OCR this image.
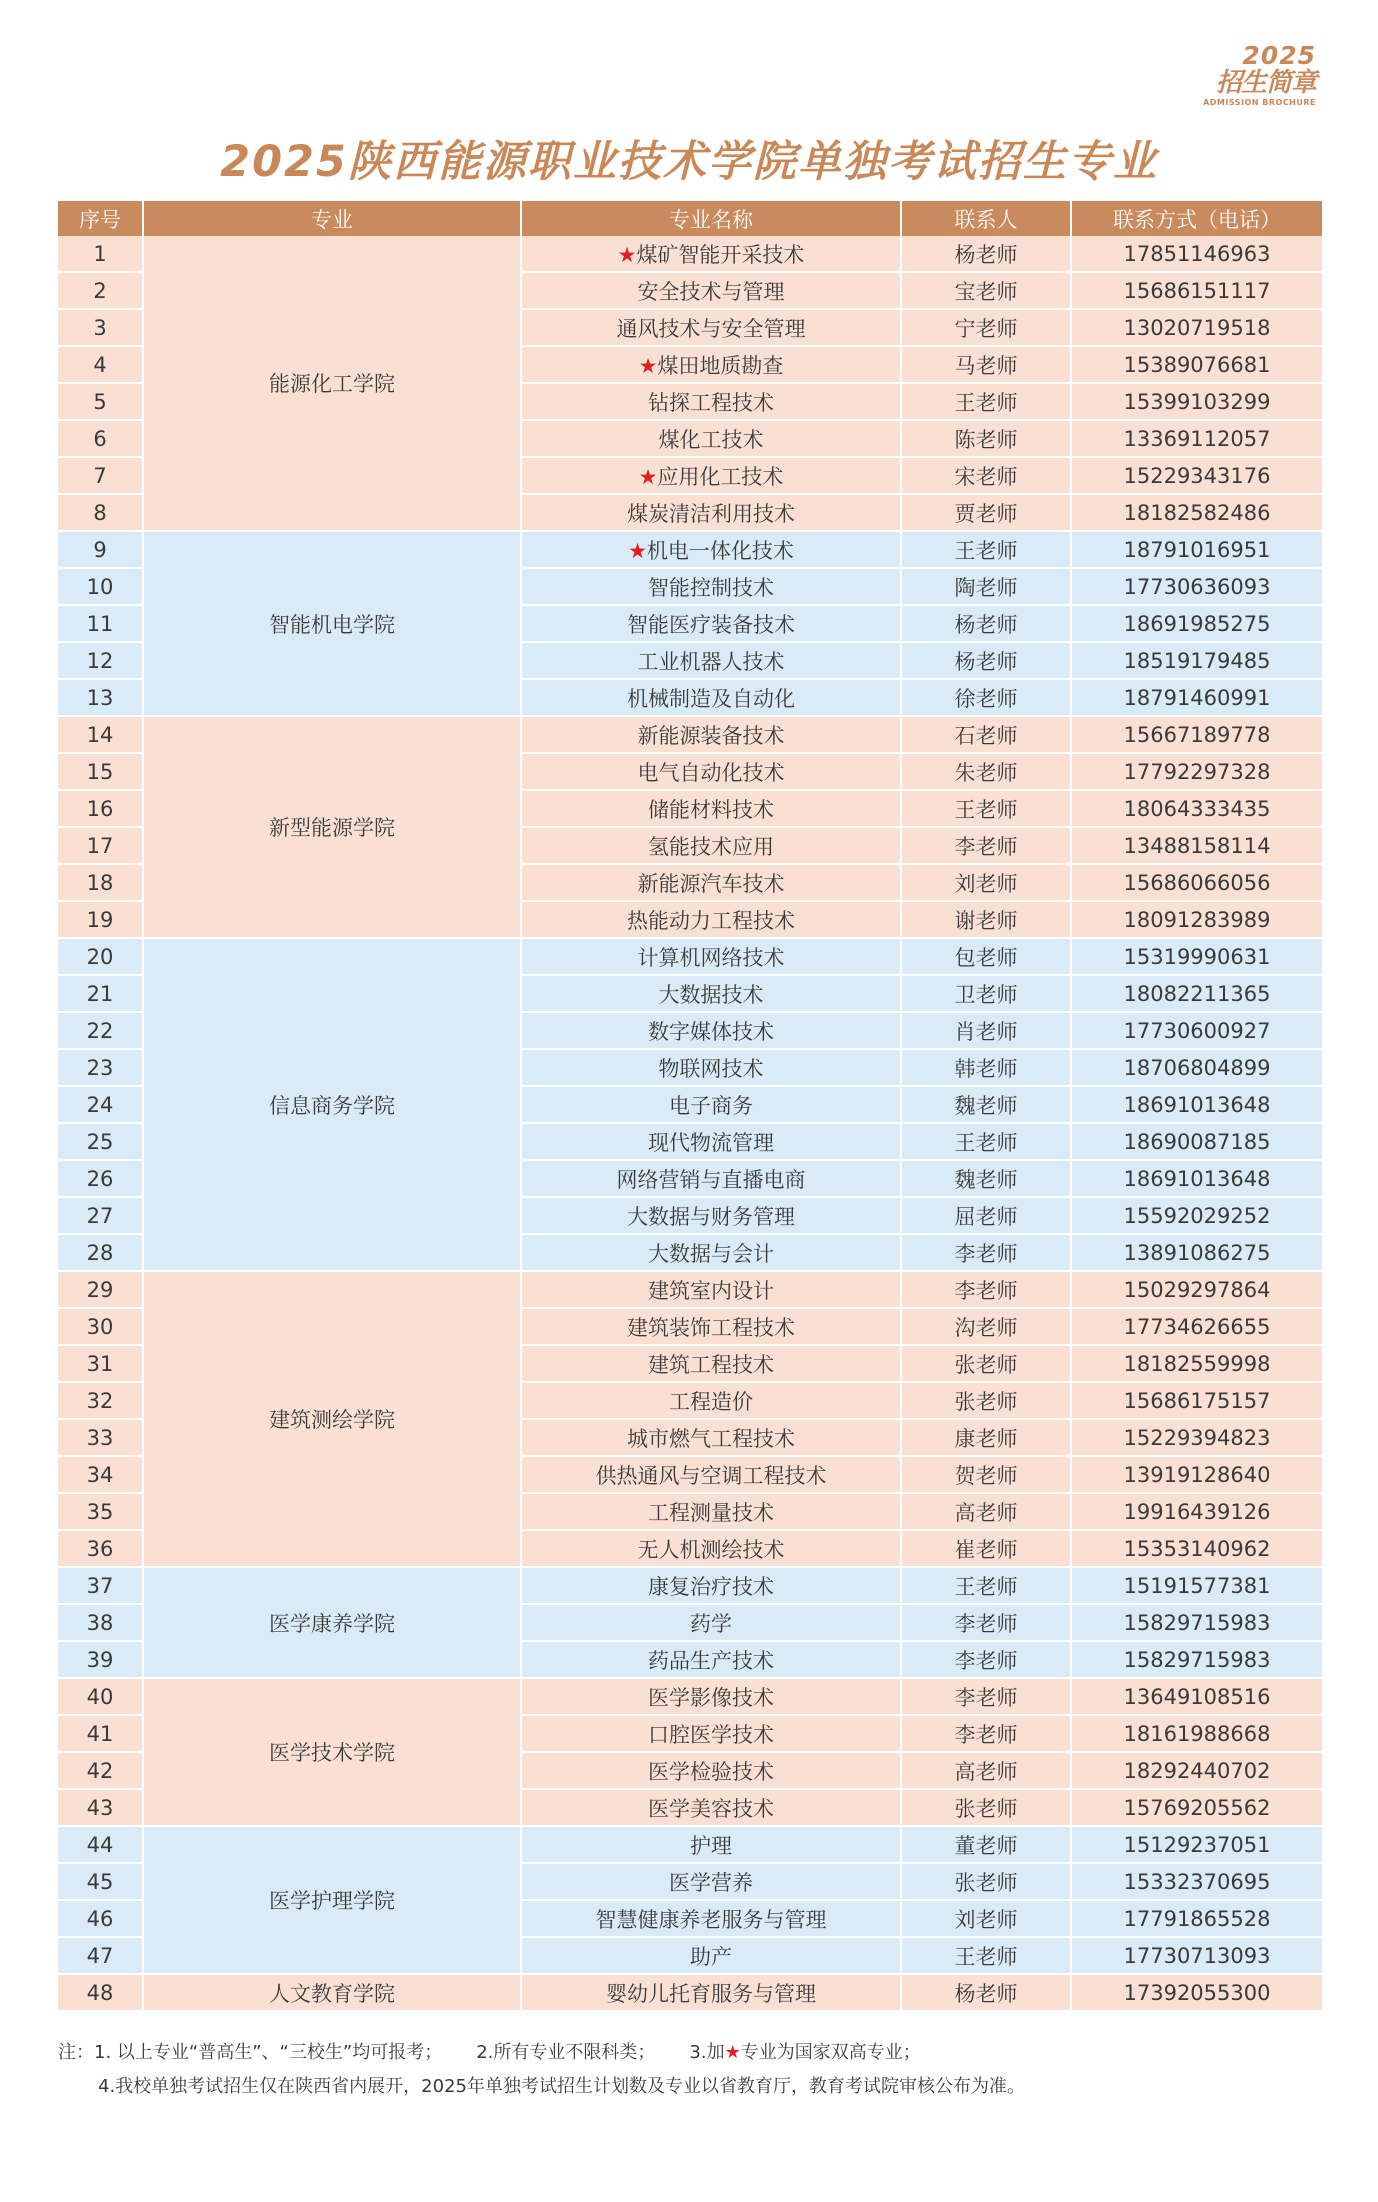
2025
招生简章
ADMISSION BROCHURE
2025陕西能源职业技术学院单独考试招生专业
序号	专业	专业名称	联系人	联系方式（电话）
1	能源化工学院	★煤矿智能开采技术	杨老师	17851146963
2		安全技术与管理	宝老师	15686151117
3		通风技术与安全管理	宁老师	13020719518
4		★煤田地质勘查	马老师	15389076681
5		钻探工程技术	王老师	15399103299
6		煤化工技术	陈老师	13369112057
7		★应用化工技术	宋老师	15229343176
8		煤炭清洁利用技术	贾老师	18182582486
9	智能机电学院	★机电一体化技术	王老师	18791016951
10		智能控制技术	陶老师	17730636093
11		智能医疗装备技术	杨老师	18691985275
12		工业机器人技术	杨老师	18519179485
13		机械制造及自动化	徐老师	18791460991
14	新型能源学院	新能源装备技术	石老师	15667189778
15		电气自动化技术	朱老师	17792297328
16		储能材料技术	王老师	18064333435
17		氢能技术应用	李老师	13488158114
18		新能源汽车技术	刘老师	15686066056
19		热能动力工程技术	谢老师	18091283989
20	信息商务学院	计算机网络技术	包老师	15319990631
21		大数据技术	卫老师	18082211365
22		数字媒体技术	肖老师	17730600927
23		物联网技术	韩老师	18706804899
24		电子商务	魏老师	18691013648
25		现代物流管理	王老师	18690087185
26		网络营销与直播电商	魏老师	18691013648
27		大数据与财务管理	屈老师	15592029252
28		大数据与会计	李老师	13891086275
29	建筑测绘学院	建筑室内设计	李老师	15029297864
30		建筑装饰工程技术	沟老师	17734626655
31		建筑工程技术	张老师	18182559998
32		工程造价	张老师	15686175157
33		城市燃气工程技术	康老师	15229394823
34		供热通风与空调工程技术	贺老师	13919128640
35		工程测量技术	高老师	19916439126
36		无人机测绘技术	崔老师	15353140962
37	医学康养学院	康复治疗技术	王老师	15191577381
38		药学	李老师	15829715983
39		药品生产技术	李老师	15829715983
40	医学技术学院	医学影像技术	李老师	13649108516
41		口腔医学技术	李老师	18161988668
42		医学检验技术	高老师	18292440702
43		医学美容技术	张老师	15769205562
44	医学护理学院	护理	董老师	15129237051
45		医学营养	张老师	15332370695
46		智慧健康养老服务与管理	刘老师	17791865528
47		助产	王老师	17730713093
48	人文教育学院	婴幼儿托育服务与管理	杨老师	17392055300
注：1. 以上专业“普高生”、“三校生”均可报考； 2.所有专业不限科类； 3.加★专业为国家双高专业；
4.我校单独考试招生仅在陕西省内展开，2025年单独考试招生计划数及专业以省教育厅，教育考试院审核公布为准。
